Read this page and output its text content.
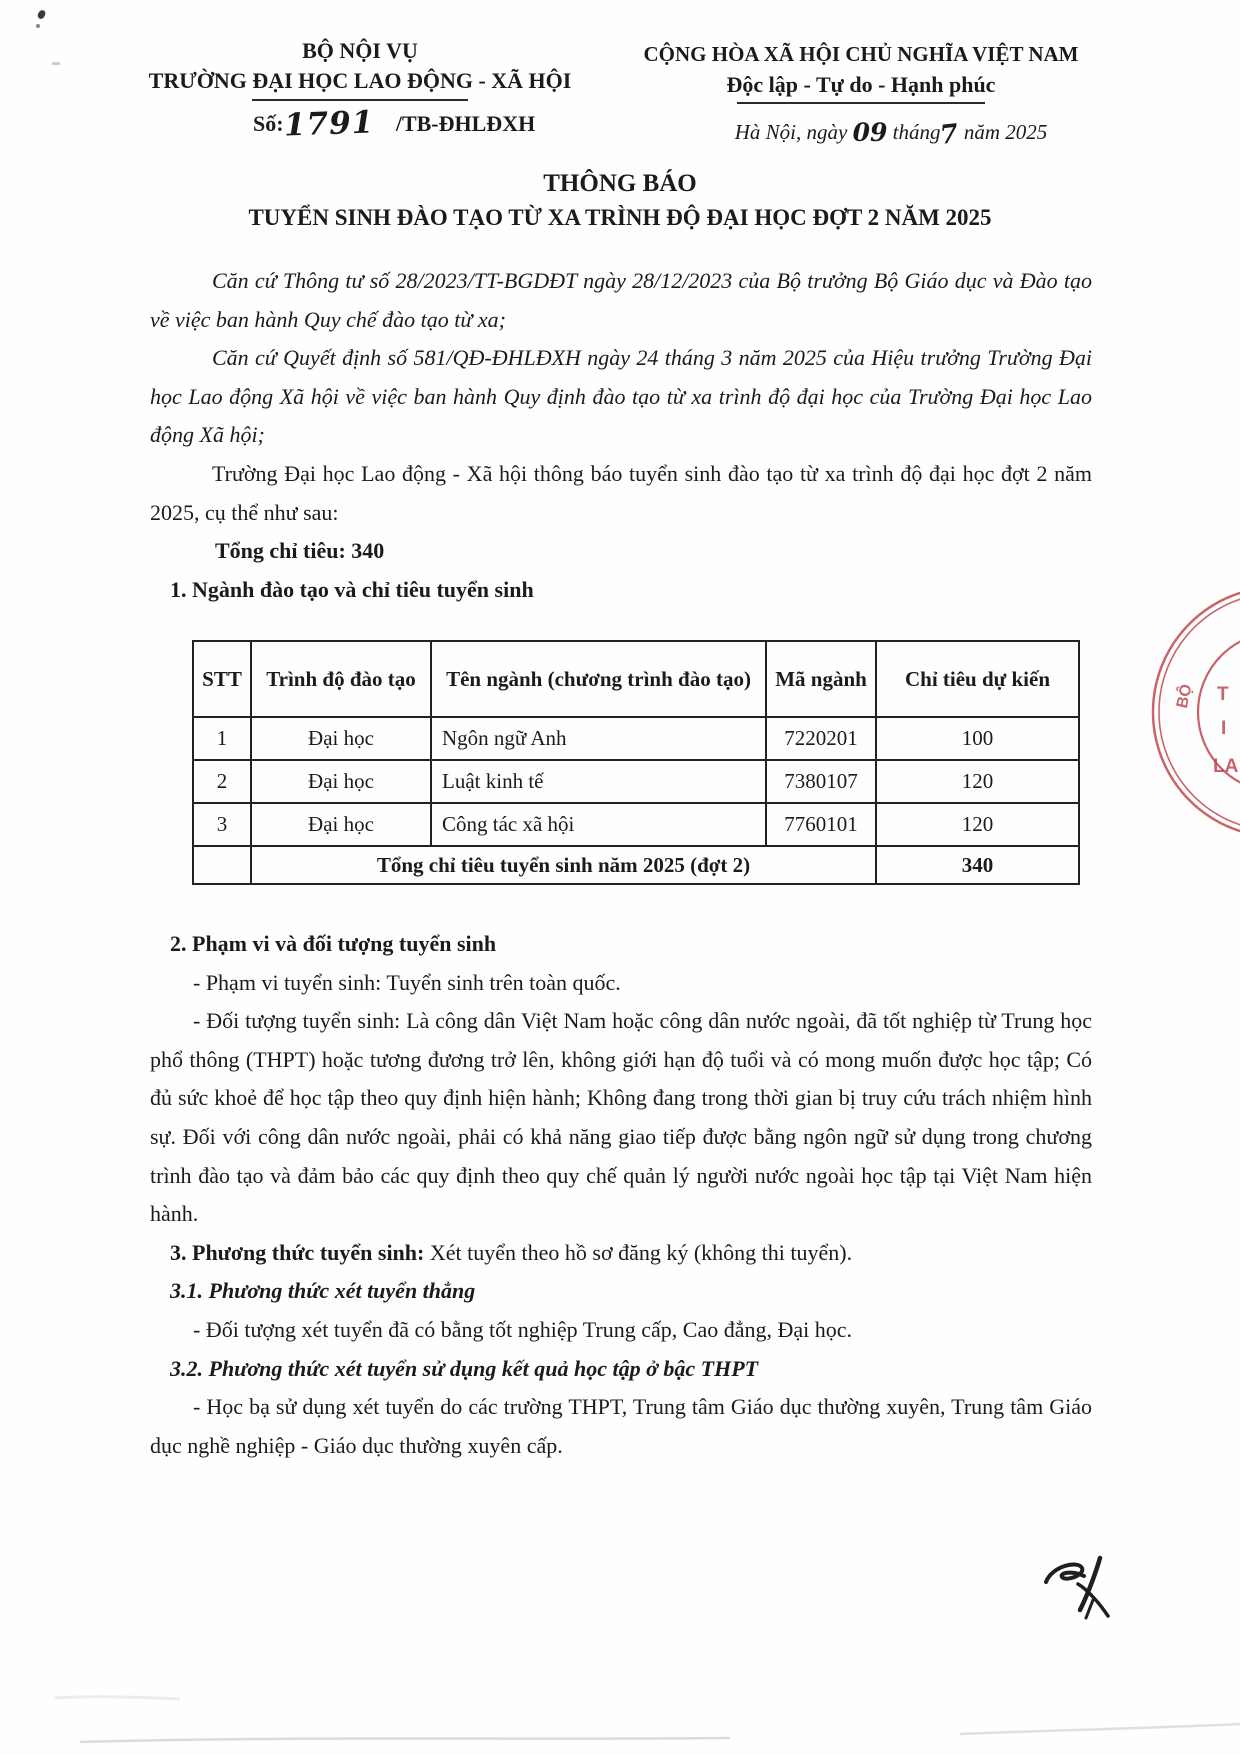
BỘ NỘI VỤ
TRƯỜNG ĐẠI HỌC LAO ĐỘNG - XÃ HỘI
Số:1791 /TB-ĐHLĐXH
CỘNG HÒA XÃ HỘI CHỦ NGHĨA VIỆT NAM
Độc lập - Tự do - Hạnh phúc
Hà Nội, ngày 09 tháng7 năm 2025
THÔNG BÁO
TUYỂN SINH ĐÀO TẠO TỪ XA TRÌNH ĐỘ ĐẠI HỌC ĐỢT 2 NĂM 2025

Căn cứ Thông tư số 28/2023/TT-BGDĐT ngày 28/12/2023 của Bộ trưởng Bộ Giáo dục và Đào tạo về việc ban hành Quy chế đào tạo từ xa;

Căn cứ Quyết định số 581/QĐ-ĐHLĐXH ngày 24 tháng 3 năm 2025 của Hiệu trưởng Trường Đại học Lao động Xã hội về việc ban hành Quy định đào tạo từ xa trình độ đại học của Trường Đại học Lao động Xã hội;

Trường Đại học Lao động - Xã hội thông báo tuyển sinh đào tạo từ xa trình độ đại học đợt 2 năm 2025, cụ thể như sau:

Tổng chỉ tiêu: 340

1. Ngành đào tạo và chỉ tiêu tuyển sinh

STT	Trình độ đào tạo	Tên ngành (chương trình đào tạo)	Mã ngành	Chỉ tiêu dự kiến
1	Đại học	Ngôn ngữ Anh	7220201	100
2	Đại học	Luật kinh tế	7380107	120
3	Đại học	Công tác xã hội	7760101	120
	Tổng chỉ tiêu tuyển sinh năm 2025 (đợt 2)			340

2. Phạm vi và đối tượng tuyển sinh

- Phạm vi tuyển sinh: Tuyển sinh trên toàn quốc.

- Đối tượng tuyển sinh: Là công dân Việt Nam hoặc công dân nước ngoài, đã tốt nghiệp từ Trung học phổ thông (THPT) hoặc tương đương trở lên, không giới hạn độ tuổi và có mong muốn được học tập; Có đủ sức khoẻ để học tập theo quy định hiện hành; Không đang trong thời gian bị truy cứu trách nhiệm hình sự. Đối với công dân nước ngoài, phải có khả năng giao tiếp được bằng ngôn ngữ sử dụng trong chương trình đào tạo và đảm bảo các quy định theo quy chế quản lý người nước ngoài học tập tại Việt Nam hiện hành.

3. Phương thức tuyển sinh: Xét tuyển theo hồ sơ đăng ký (không thi tuyển).

3.1. Phương thức xét tuyển thẳng

- Đối tượng xét tuyển đã có bằng tốt nghiệp Trung cấp, Cao đẳng, Đại học.

3.2. Phương thức xét tuyển sử dụng kết quả học tập ở bậc THPT

- Học bạ sử dụng xét tuyển do các trường THPT, Trung tâm Giáo dục thường xuyên, Trung tâm Giáo dục nghề nghiệp - Giáo dục thường xuyên cấp.

BỘ T
I
LA
